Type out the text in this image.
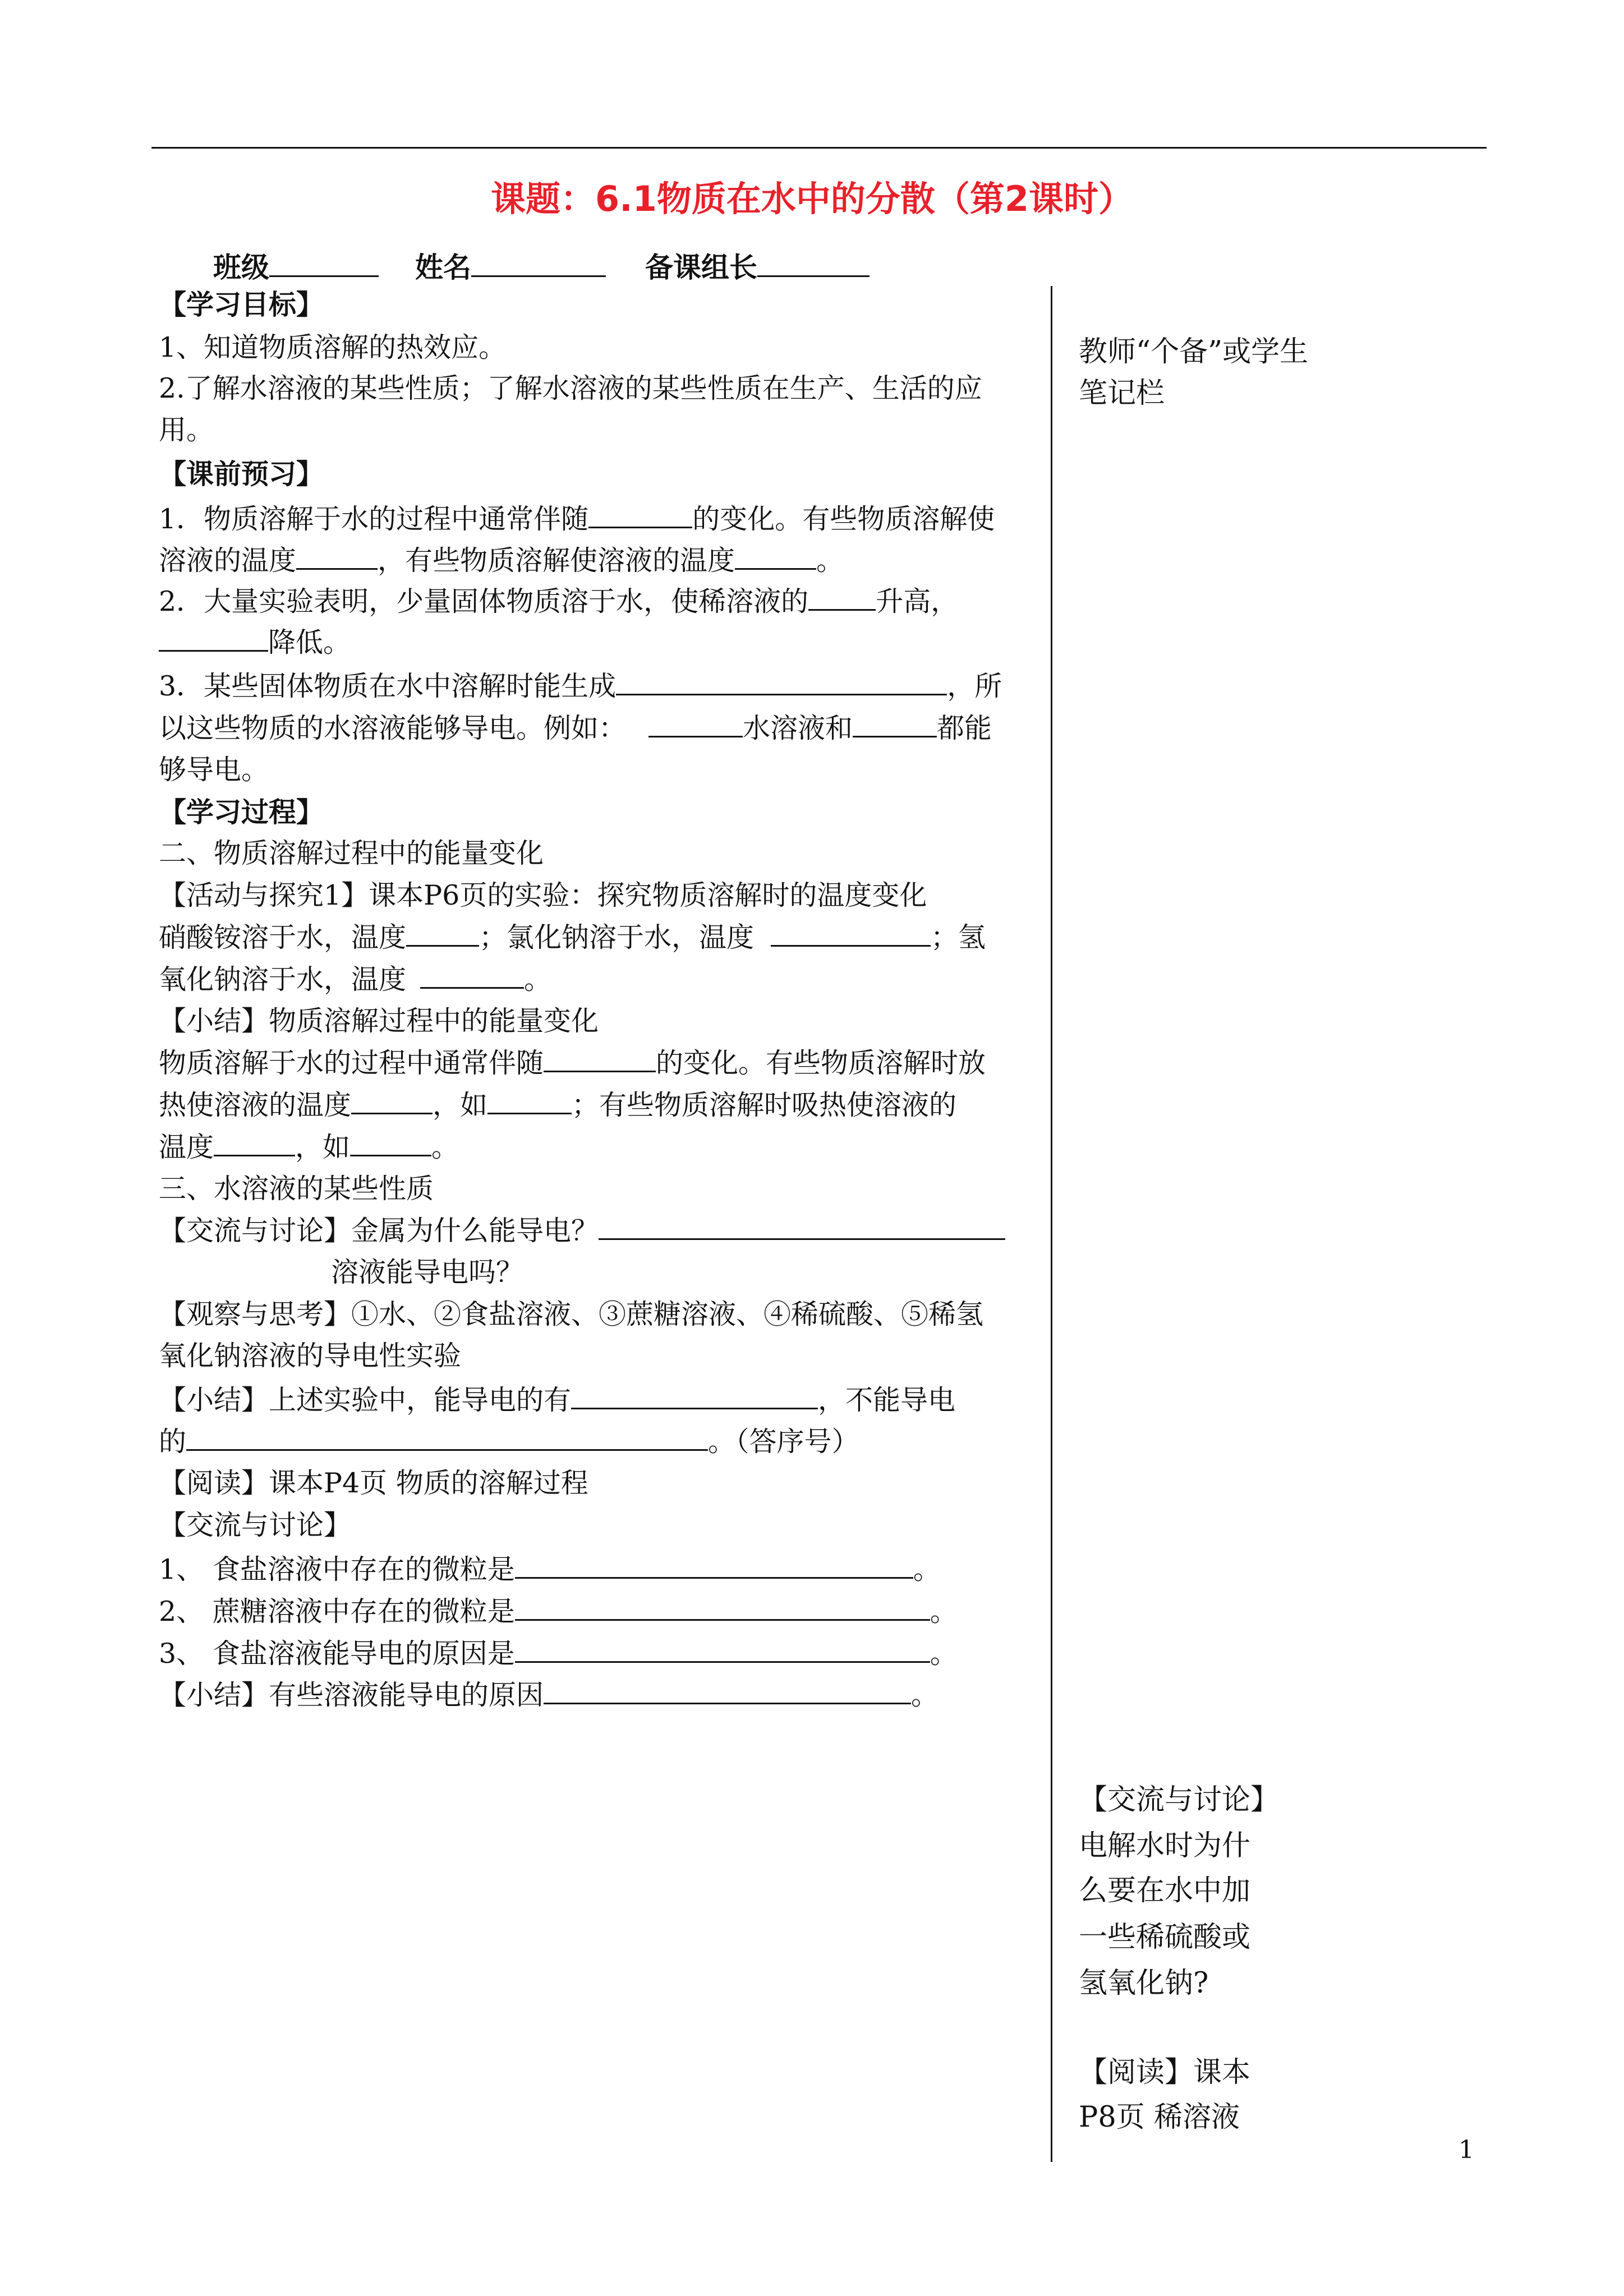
课题：6.1物质在水中的分散（第2课时）
班级	姓名	备课组长
【学习目标】
1、知道物质溶解的热效应。
2.了解水溶液的某些性质；了解水溶液的某些性质在生产、生活的应
用。
【课前预习】
1．物质溶解于水的过程中通常伴随	的变化。有些物质溶解使
溶液的温度	，有些物质溶解使溶液的温度	。
2．大量实验表明，少量固体物质溶于水，使稀溶液的 升高，
降低。
3．某些固体物质在水中溶解时能生成	，所
以这些物质的水溶液能够导电。例如：	水溶液和	都能
够导电。
【学习过程】
二、物质溶解过程中的能量变化
【活动与探究1】课本P6页的实验：探究物质溶解时的温度变化
硝酸铵溶于水，温度	；氯化钠溶于水，温度	；氢
氧化钠溶于水，温度	。
【小结】物质溶解过程中的能量变化
物质溶解于水的过程中通常伴随	的变化。有些物质溶解时放
热使溶液的温度	，如	；有些物质溶解时吸热使溶液的
温度	，如	。
三、水溶液的某些性质
【交流与讨论】金属为什么能导电？
溶液能导电吗？
【观察与思考】①水、②食盐溶液、③蔗糖溶液、④稀硫酸、⑤稀氢
氧化钠溶液的导电性实验
【小结】上述实验中，能导电的有	，不能导电
的	。（答序号）
【阅读】课本P4页 物质的溶解过程
【交流与讨论】
1、 食盐溶液中存在的微粒是	。
2、 蔗糖溶液中存在的微粒是	。
3、 食盐溶液能导电的原因是	。
【小结】有些溶液能导电的原因	。
教师“个备”或学生
笔记栏
【交流与讨论】
电解水时为什
么要在水中加
一些稀硫酸或
氢氧化钠?
【阅读】课本
P8页 稀溶液
1
